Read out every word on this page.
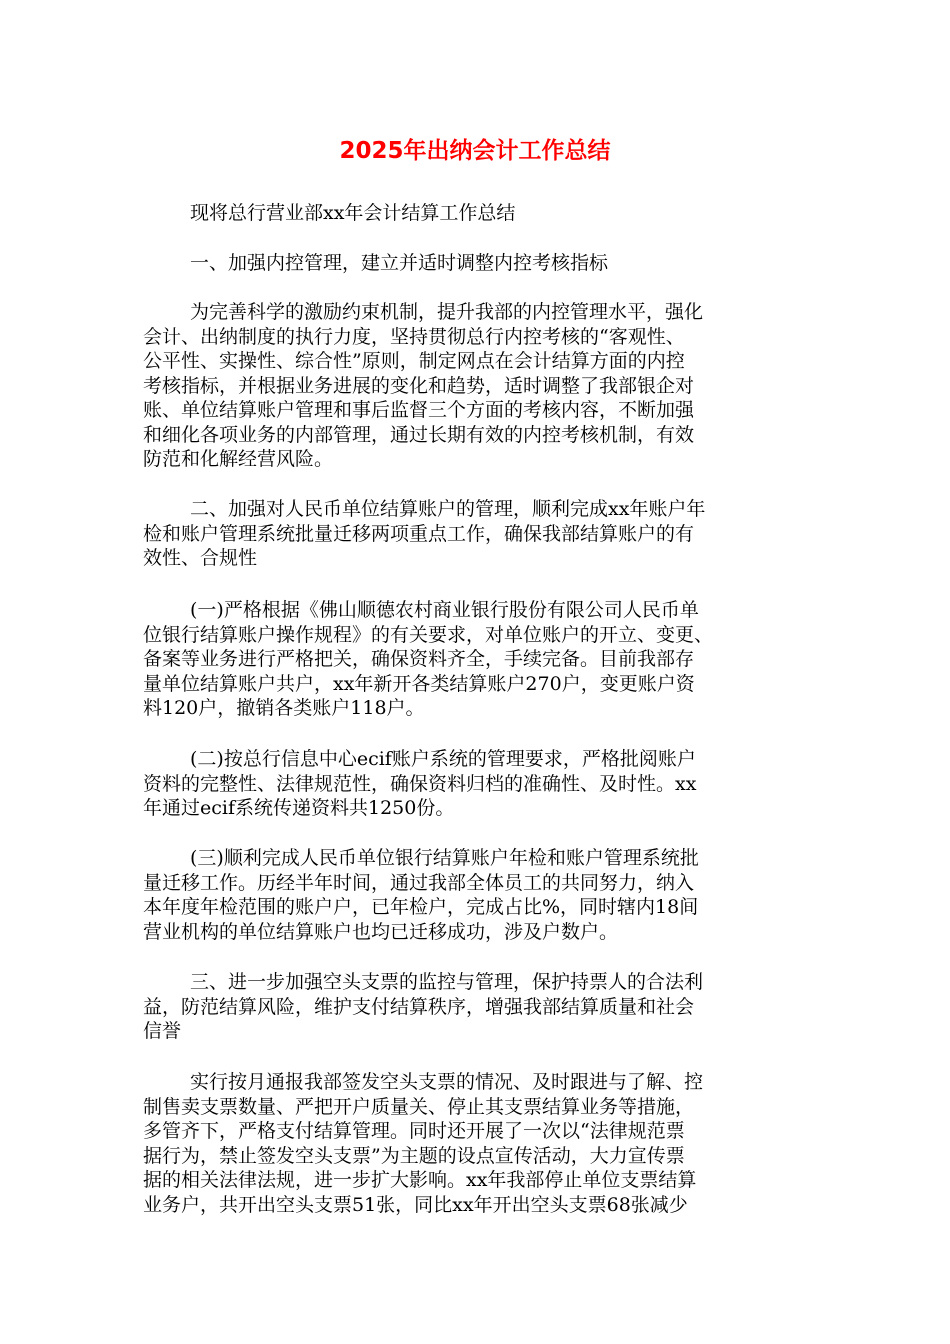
2025年出纳会计工作总结
现将总行营业部xx年会计结算工作总结
一、加强内控管理，建立并适时调整内控考核指标
为完善科学的激励约束机制，提升我部的内控管理水平，强化
会计、出纳制度的执行力度，坚持贯彻总行内控考核的“客观性、
公平性、实操性、综合性”原则，制定网点在会计结算方面的内控
考核指标，并根据业务进展的变化和趋势，适时调整了我部银企对
账、单位结算账户管理和事后监督三个方面的考核内容，不断加强
和细化各项业务的内部管理，通过长期有效的内控考核机制，有效
防范和化解经营风险。
二、加强对人民币单位结算账户的管理，顺利完成xx年账户年
检和账户管理系统批量迁移两项重点工作，确保我部结算账户的有
效性、合规性
(一)严格根据《佛山顺德农村商业银行股份有限公司人民币单
位银行结算账户操作规程》的有关要求，对单位账户的开立、变更、
备案等业务进行严格把关，确保资料齐全，手续完备。目前我部存
量单位结算账户共户，xx年新开各类结算账户270户，变更账户资
料120户，撤销各类账户118户。
(二)按总行信息中心ecif账户系统的管理要求，严格批阅账户
资料的完整性、法律规范性，确保资料归档的准确性、及时性。xx
年通过ecif系统传递资料共1250份。
(三)顺利完成人民币单位银行结算账户年检和账户管理系统批
量迁移工作。历经半年时间，通过我部全体员工的共同努力，纳入
本年度年检范围的账户户，已年检户，完成占比%，同时辖内18间
营业机构的单位结算账户也均已迁移成功，涉及户数户。
三、进一步加强空头支票的监控与管理，保护持票人的合法利
益，防范结算风险，维护支付结算秩序，增强我部结算质量和社会
信誉
实行按月通报我部签发空头支票的情况、及时跟进与了解、控
制售卖支票数量、严把开户质量关、停止其支票结算业务等措施，
多管齐下，严格支付结算管理。同时还开展了一次以“法律规范票
据行为，禁止签发空头支票”为主题的设点宣传活动，大力宣传票
据的相关法律法规，进一步扩大影响。xx年我部停止单位支票结算
业务户，共开出空头支票51张，同比xx年开出空头支票68张减少
